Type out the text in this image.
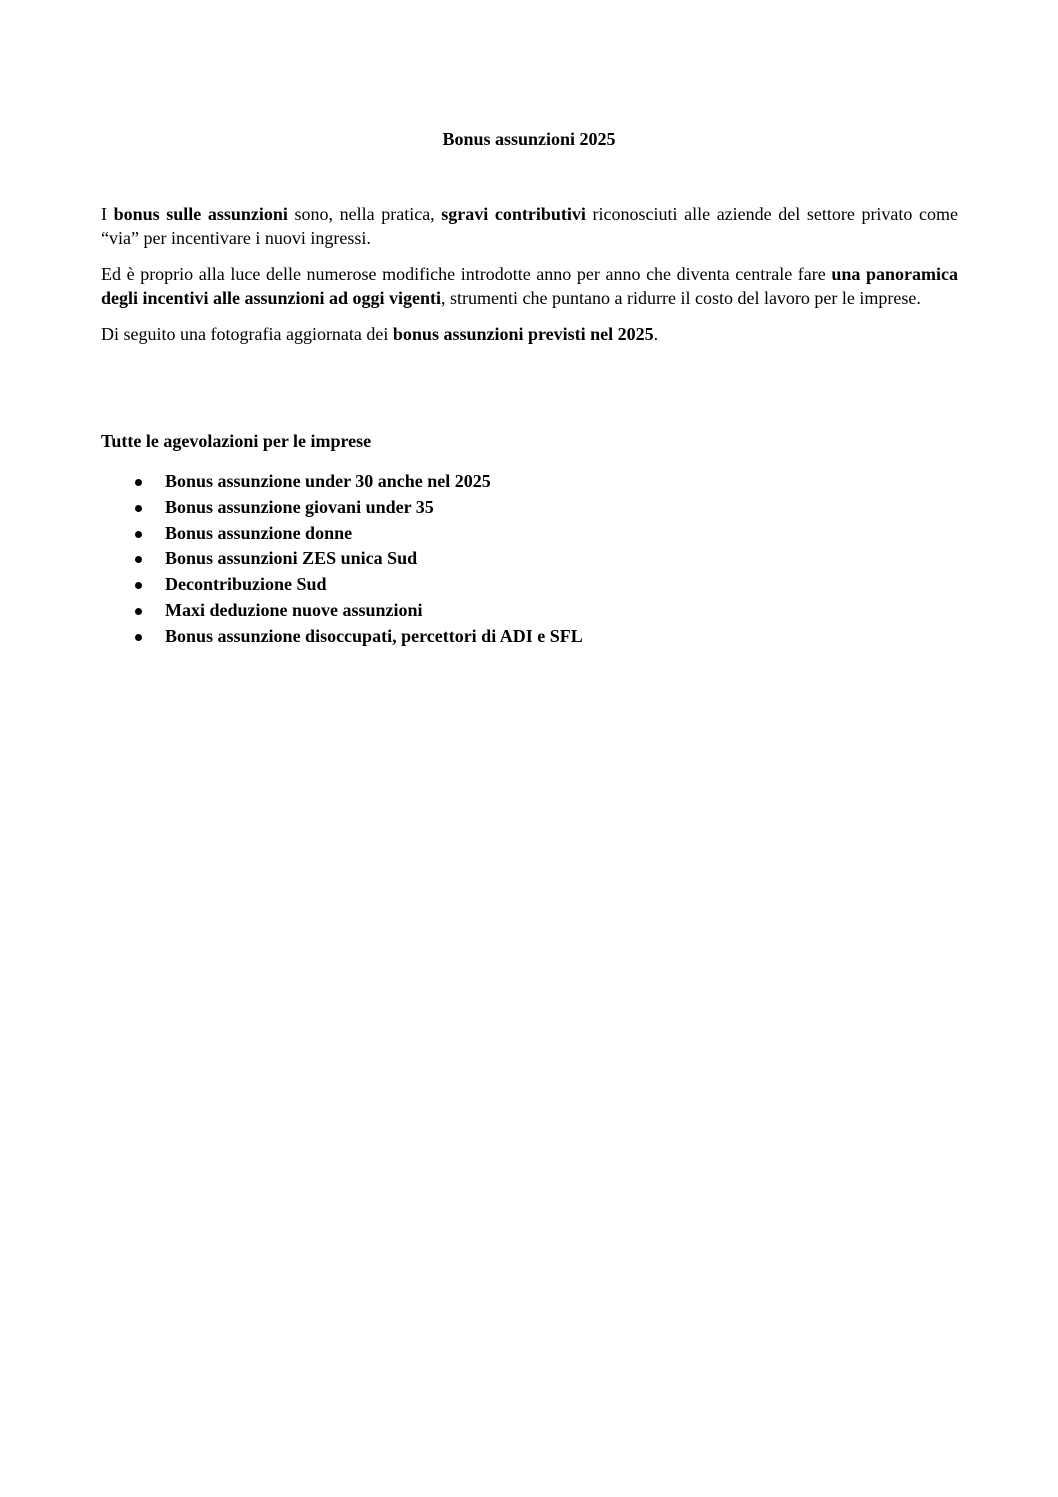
Bonus assunzioni 2025

I bonus sulle assunzioni sono, nella pratica, sgravi contributivi riconosciuti alle aziende del settore privato come “via” per incentivare i nuovi ingressi.

Ed è proprio alla luce delle numerose modifiche introdotte anno per anno che diventa centrale fare una panoramica degli incentivi alle assunzioni ad oggi vigenti, strumenti che puntano a ridurre il costo del lavoro per le imprese.

Di seguito una fotografia aggiornata dei bonus assunzioni previsti nel 2025.

Tutte le agevolazioni per le imprese
Bonus assunzione under 30 anche nel 2025
Bonus assunzione giovani under 35
Bonus assunzione donne
Bonus assunzioni ZES unica Sud
Decontribuzione Sud
Maxi deduzione nuove assunzioni
Bonus assunzione disoccupati, percettori di ADI e SFL
